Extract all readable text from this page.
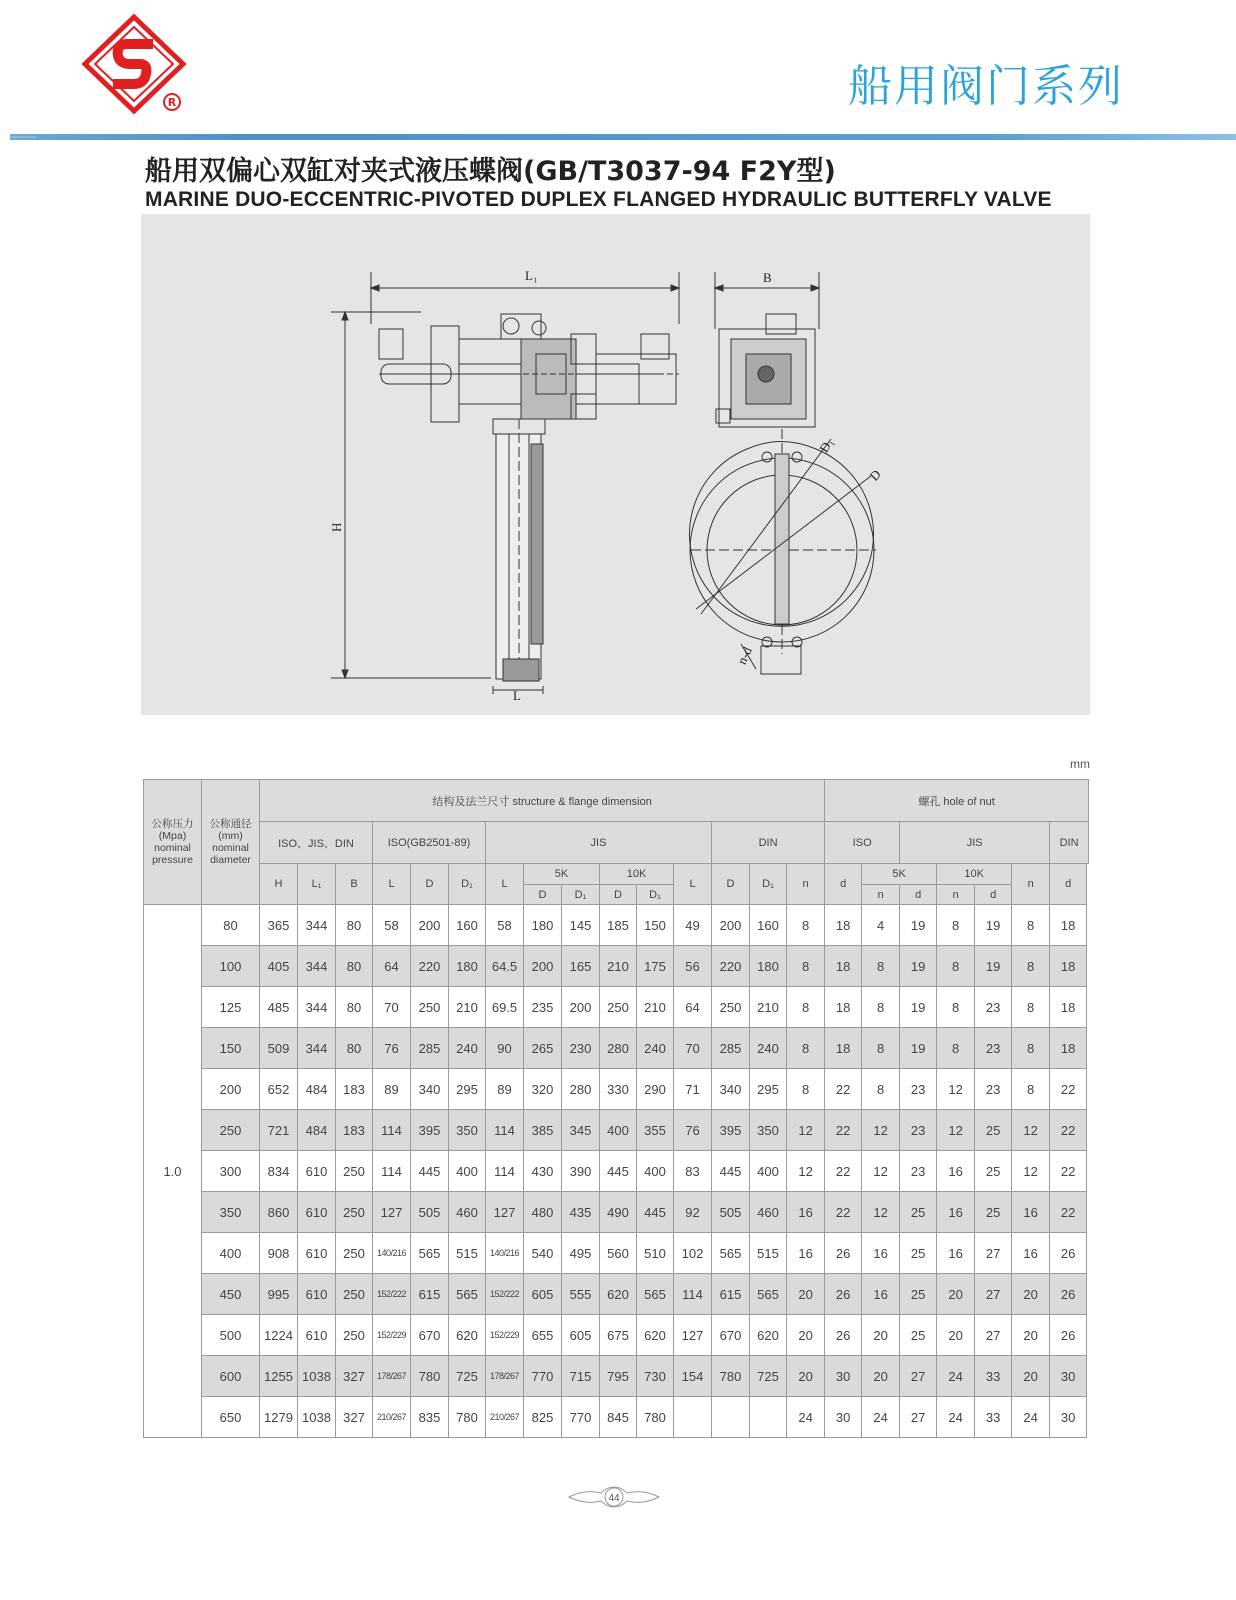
R	船用阀门系列
船用双偏心双缸对夹式液压蝶阀(GB/T3037-94 F2Y型)
MARINE DUO-ECCENTRIC-PIVOTED DUPLEX FLANGED HYDRAULIC BUTTERFLY VALVE
L₁	B
H
L
D₁
D
n-d
mm
公称压力 (Mpa) nominal pressure	公称通径 (mm) nominal diameter	结构及法兰尺寸 structure & flange dimension															螺孔 hole of nut						
		ISO、JIS、DIN			ISO(GB2501-89)			JIS						DIN			ISO		JIS				DIN
		H	L₁	B	L	D	D₁	L	5K		10K		L	D	D₁	n	d	5K		10K		n	d
									D	D₁	D	D₁						n	d	n	d		
1.0	80	365	344	80	58	200	160	58	180	145	185	150	49	200	160	8	18	4	19	8	19	8	18
	100	405	344	80	64	220	180	64.5	200	165	210	175	56	220	180	8	18	8	19	8	19	8	18
	125	485	344	80	70	250	210	69.5	235	200	250	210	64	250	210	8	18	8	19	8	23	8	18
	150	509	344	80	76	285	240	90	265	230	280	240	70	285	240	8	18	8	19	8	23	8	18
	200	652	484	183	89	340	295	89	320	280	330	290	71	340	295	8	22	8	23	12	23	8	22
	250	721	484	183	114	395	350	114	385	345	400	355	76	395	350	12	22	12	23	12	25	12	22
	300	834	610	250	114	445	400	114	430	390	445	400	83	445	400	12	22	12	23	16	25	12	22
	350	860	610	250	127	505	460	127	480	435	490	445	92	505	460	16	22	12	25	16	25	16	22
	400	908	610	250	140/216	565	515	140/216	540	495	560	510	102	565	515	16	26	16	25	16	27	16	26
	450	995	610	250	152/222	615	565	152/222	605	555	620	565	114	615	565	20	26	16	25	20	27	20	26
	500	1224	610	250	152/229	670	620	152/229	655	605	675	620	127	670	620	20	26	20	25	20	27	20	26
	600	1255	1038	327	178/267	780	725	178/267	770	715	795	730	154	780	725	20	30	20	27	24	33	20	30
	650	1279	1038	327	210/267	835	780	210/267	825	770	845	780				24	30	24	27	24	33	24	30
44
